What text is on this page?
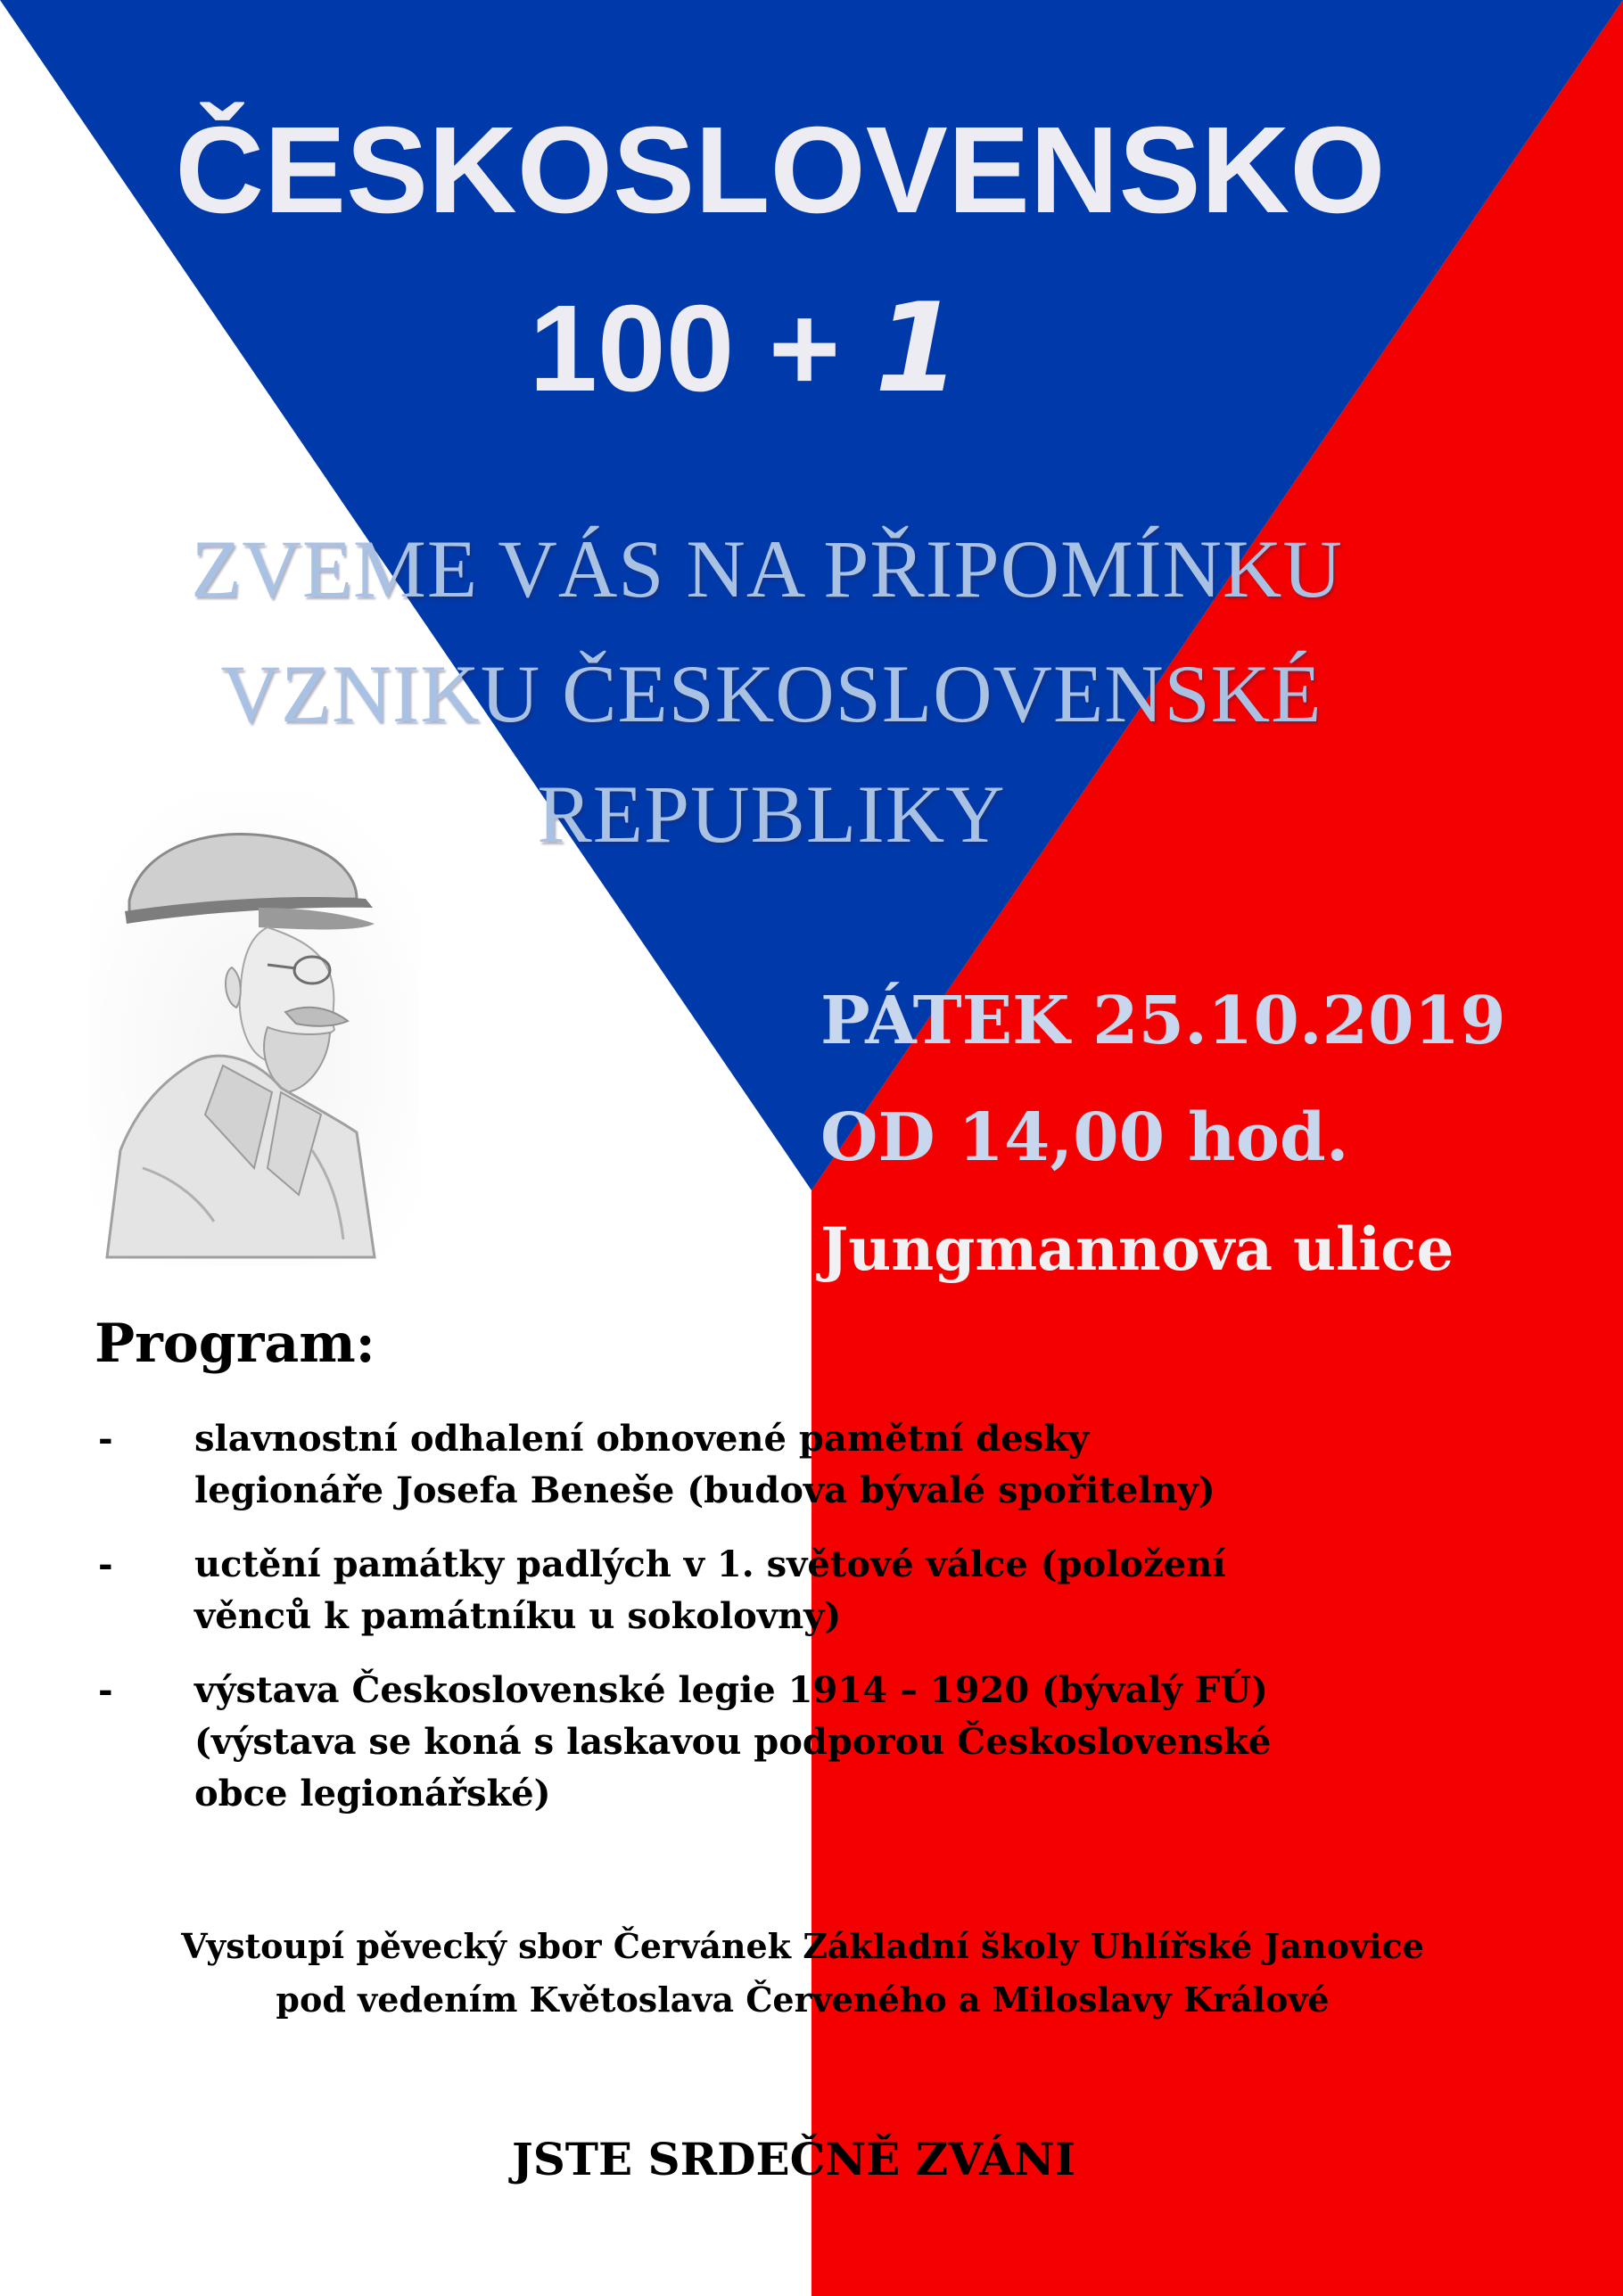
ČESKOSLOVENSKO
100 + 1
ZVEME VÁS NA PŘIPOMÍNKU
VZNIKU ČESKOSLOVENSKÉ
REPUBLIKY
PÁTEK 25.10.2019
OD 14,00 hod.
Jungmannova ulice
Program:
- slavnostní odhalení obnovené pamětní desky
legionáře Josefa Beneše (budova bývalé spořitelny)
- uctění památky padlých v 1. světové válce (položení
věnců k památníku u sokolovny)
- výstava Československé legie 1914 – 1920 (bývalý FÚ)
(výstava se koná s laskavou podporou Československé
obce legionářské)

Vystoupí pěvecký sbor Červánek Základní školy Uhlířské Janovice

pod vedením Květoslava Červeného a Miloslavy Králové

JSTE SRDEČNĚ ZVÁNI
